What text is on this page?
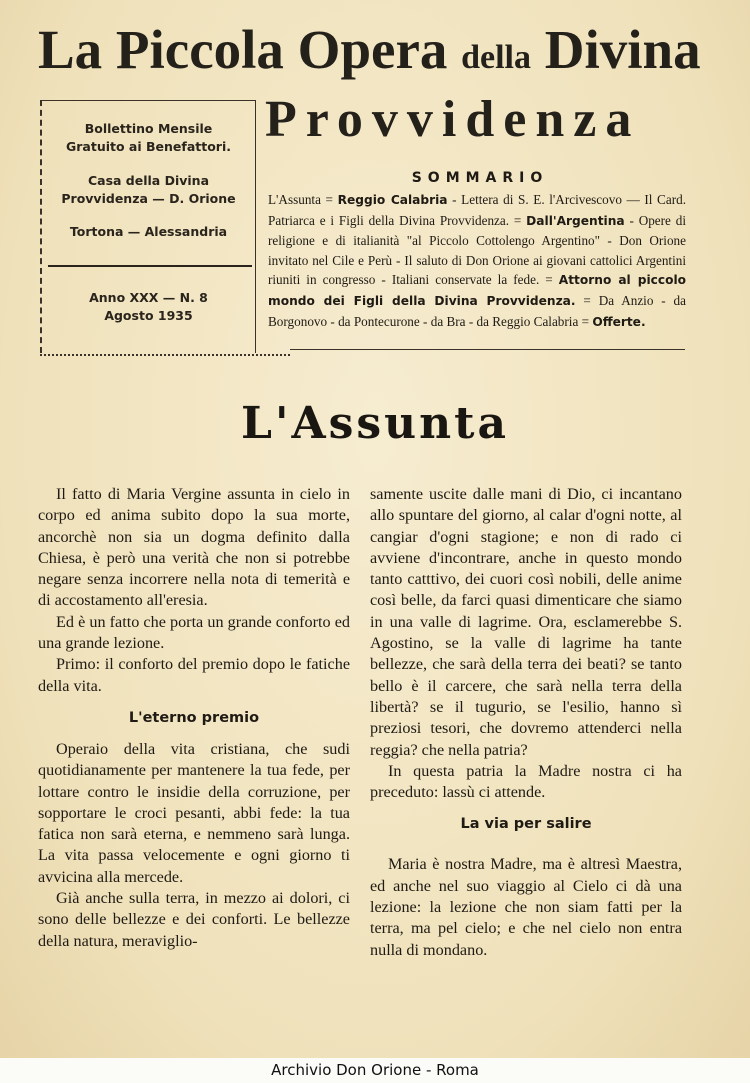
La Piccola Opera della Divina
Provvidenza
Bollettino Mensile
Gratuito ai Benefattori.
Casa della Divina
Provvidenza — D. Orione
Tortona — Alessandria
Anno XXX — N. 8
Agosto 1935
SOMMARIO
L'Assunta = Reggio Calabria - Lettera di S. E. l'Arcivescovo — Il Card. Patriarca e i Figli della Divina Provvidenza. = Dall'Argentina - Opere di religione e di italianità "al Piccolo Cottolengo Argentino" - Don Orione invitato nel Cile e Perù - Il saluto di Don Orione ai giovani cattolici Argentini riuniti in congresso - Italiani conservate la fede. = Attorno al piccolo mondo dei Figli della Divina Provvidenza. = Da Anzio - da Borgonovo - da Pontecurone - da Bra - da Reggio Calabria = Offerte.
L'Assunta

Il fatto di Maria Vergine assunta in cielo in corpo ed anima subito dopo la sua morte, ancorchè non sia un dogma definito dalla Chiesa, è però una verità che non si potrebbe negare senza incorrere nella nota di temerità e di accostamento all'eresia.

Ed è un fatto che porta un grande conforto ed una grande lezione.

Primo: il conforto del premio dopo le fatiche della vita.

L'eterno premio

Operaio della vita cristiana, che sudi quotidianamente per mantenere la tua fede, per lottare contro le insidie della corruzione, per sopportare le croci pesanti, abbi fede: la tua fatica non sarà eterna, e nemmeno sarà lunga. La vita passa velocemente e ogni giorno ti avvicina alla mercede.

Già anche sulla terra, in mezzo ai dolori, ci sono delle bellezze e dei conforti. Le bellezze della natura, meraviglio-

samente uscite dalle mani di Dio, ci incantano allo spuntare del giorno, al calar d'ogni notte, al cangiar d'ogni stagione; e non di rado ci avviene d'incontrare, anche in questo mondo tanto catttivo, dei cuori così nobili, delle anime così belle, da farci quasi dimenticare che siamo in una valle di lagrime. Ora, esclamerebbe S. Agostino, se la valle di lagrime ha tante bellezze, che sarà della terra dei beati? se tanto bello è il carcere, che sarà nella terra della libertà? se il tugurio, se l'esilio, hanno sì preziosi tesori, che dovremo attenderci nella reggia? che nella patria?

In questa patria la Madre nostra ci ha preceduto: lassù ci attende.

La via per salire

Maria è nostra Madre, ma è altresì Maestra, ed anche nel suo viaggio al Cielo ci dà una lezione: la lezione che non siam fatti per la terra, ma pel cielo; e che nel cielo non entra nulla di mondano.

Archivio Don Orione - Roma
